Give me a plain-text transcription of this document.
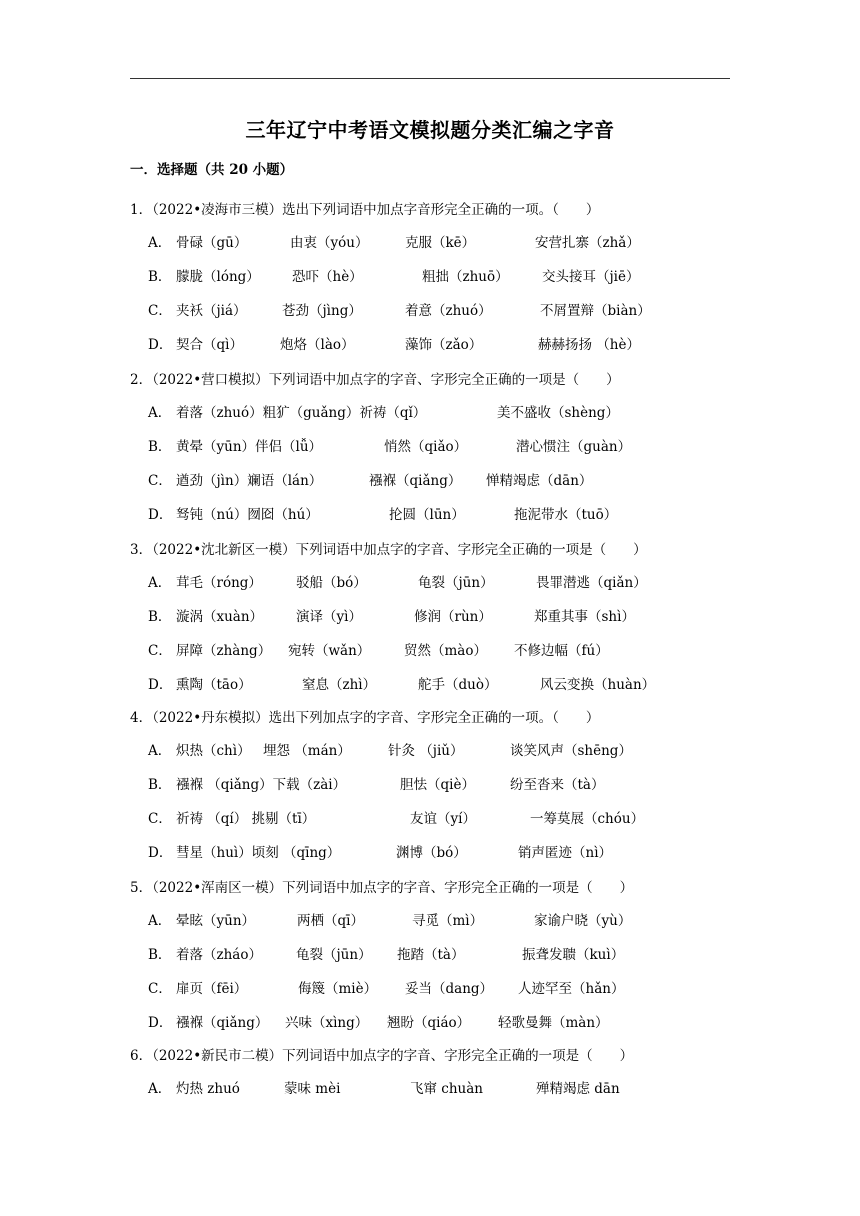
三年辽宁中考语文模拟题分类汇编之字音
一．选择题（共 20 小题）
1．（2022•凌海市三模）选出下列词语中加点字音形完全正确的一项。（　　）
A． 骨碌（gū）	由衷（yóu）	克服（kē）	安营扎寨（zhǎ）
B． 朦胧（lóng） 恐吓（hè）	粗拙（zhuō） 交头接耳（jiē）
C． 夹袄（jiá）	苍劲（jìng）	着意（zhuó）	不屑置辩（biàn）
D． 契合（qì）	炮烙（lào）	藻饰（zǎo）	赫赫扬扬 （hè）
2．（2022•营口模拟）下列词语中加点字的字音、字形完全正确的一项是（　　）
A． 着落（zhuó）粗犷（guǎng）祈祷（qǐ）	美不盛收（shèng）
B． 黄晕（yūn）伴侣（lǚ）	悄然（qiǎo）	潜心惯注（guàn）
C． 遒劲（jìn）斓语（lán）	襁褓（qiǎng） 惮精竭虑（dān）
D． 驽钝（nú）囫囵（hú）	抡圆（lūn）	拖泥带水（tuō）
3．（2022•沈北新区一模）下列词语中加点字的字音、字形完全正确的一项是（　　）
A． 茸毛（róng）	驳船（bó）	龟裂（jūn）	畏罪潜逃（qiǎn）
B． 漩涡（xuàn） 演译（yì）	修润（rùn）	郑重其事（shì）
C． 屏障（zhàng） 宛转（wǎn） 贸然（mào） 不修边幅（fú）
D． 熏陶（tāo）	窒息（zhì）	舵手（duò）	风云变换（huàn）
4．（2022•丹东模拟）选出下列加点字的字音、字形完全正确的一项。（　　）
A． 炽热（chì） 埋怨 （mán）	针灸 （jiǔ）	谈笑风声（shēng）
B． 襁褓 （qiǎng）下载（zài）	胆怯（qiè）	纷至沓来（tà）
C． 祈祷 （qí） 挑剔（tī）	友谊（yí）	一筹莫展（chóu）
D． 彗星（huì）顷刻 （qīng）	渊博（bó）	销声匿迹（nì）
5．（2022•浑南区一模）下列词语中加点字的字音、字形完全正确的一项是（　　）
A． 晕眩（yūn）	两栖（qī）	寻觅（mì）	家谕户晓（yù）
B． 着落（zháo）	龟裂（jūn） 拖踏（tà）	振聋发聩（kuì）
C． 扉页（fēi）	侮篾（miè） 妥当（dang） 人迹罕至（hǎn）
D． 襁褓（qiǎng） 兴味（xìng） 翘盼（qiáo） 轻歌曼舞（màn）
6．（2022•新民市二模）下列词语中加点字的字音、字形完全正确的一项是（　　）
A． 灼热 zhuó	蒙味 mèi	飞窜 chuàn	殚精竭虑 dān
